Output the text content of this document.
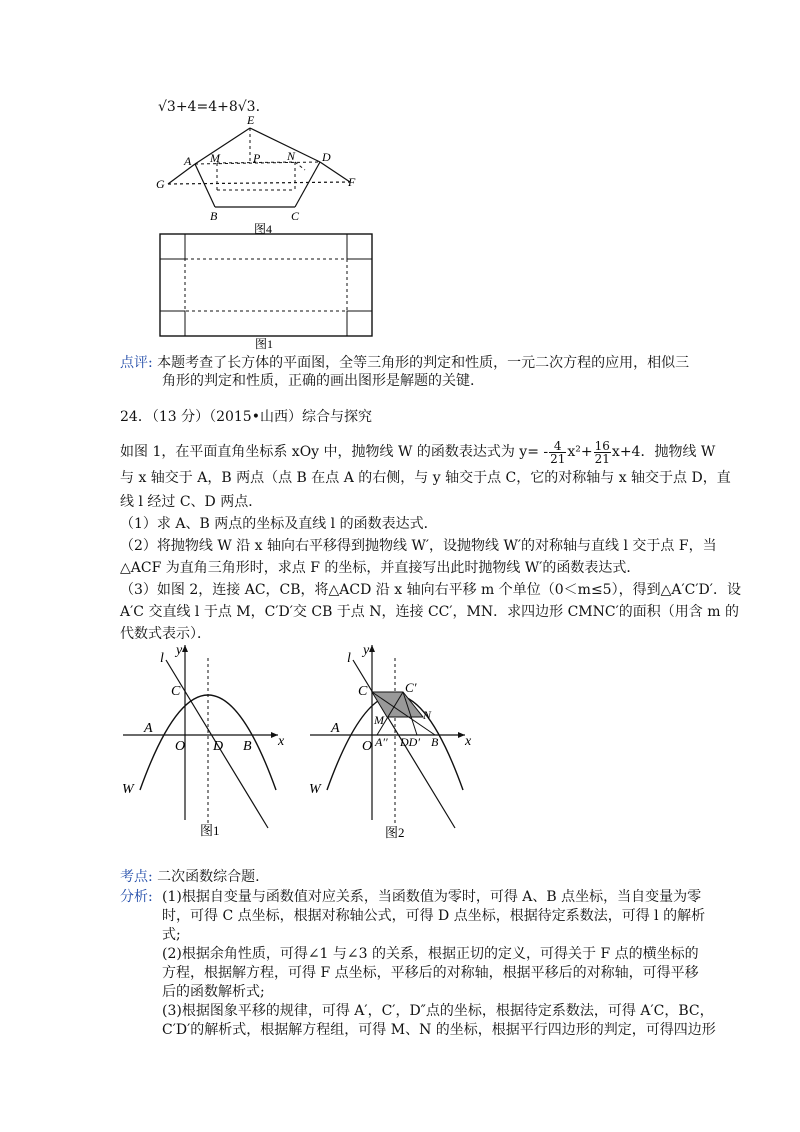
√3+4=4+8√3.
E
A M	P N D
G	F
B	C
图4
图1
点评: 本题考查了长方体的平面图，全等三角形的判定和性质，一元二次方程的应用，相似三
角形的判定和性质，正确的画出图形是解题的关键.
24．（13 分）（2015•山西）综合与探究
如图 1，在平面直角坐标系 xOy 中，抛物线 W 的函数表达式为 $y= - \frac{4}{21} x^2+ \frac{16}{21} x+4$．抛物线 W
与 x 轴交于 A，B 两点（点 B 在点 A 的右侧，与 y 轴交于点 C，它的对称轴与 x 轴交于点 D，直
线 l 经过 C、D 两点．
（1）求 A、B 两点的坐标及直线 l 的函数表达式．
（2）将抛物线 W 沿 x 轴向右平移得到抛物线 W′，设抛物线 W′的对称轴与直线 l 交于点 F，当
△ACF 为直角三角形时，求点 F 的坐标，并直接写出此时抛物线 W′的函数表达式．
（3）如图 2，连接 AC，CB，将△ACD 沿 x 轴向右平移 m 个单位（0＜m≤5），得到△A′C′D′．设
A′C 交直线 l 于点 M，C′D′交 CB 于点 N，连接 CC′，MN．求四边形 CMNC′的面积（用含 m 的
代数式表示）．
l
y
C
A
O D B x
W
图1
l
y
C	C′
M	N
A
O A′′ DD′ B x
W
图2
考点: 二次函数综合题.
分析: (1)根据自变量与函数值对应关系，当函数值为零时，可得 A、B 点坐标，当自变量为零
时，可得 C 点坐标，根据对称轴公式，可得 D 点坐标，根据待定系数法，可得 l 的解析
式;
(2)根据余角性质，可得∠1 与∠3 的关系，根据正切的定义，可得关于 F 点的横坐标的
方程，根据解方程，可得 F 点坐标，平移后的对称轴，根据平移后的对称轴，可得平移
后的函数解析式;
(3)根据图象平移的规律，可得 A′，C′，D″点的坐标，根据待定系数法，可得 A′C，BC，
C′D′的解析式，根据解方程组，可得 M、N 的坐标，根据平行四边形的判定，可得四边形
